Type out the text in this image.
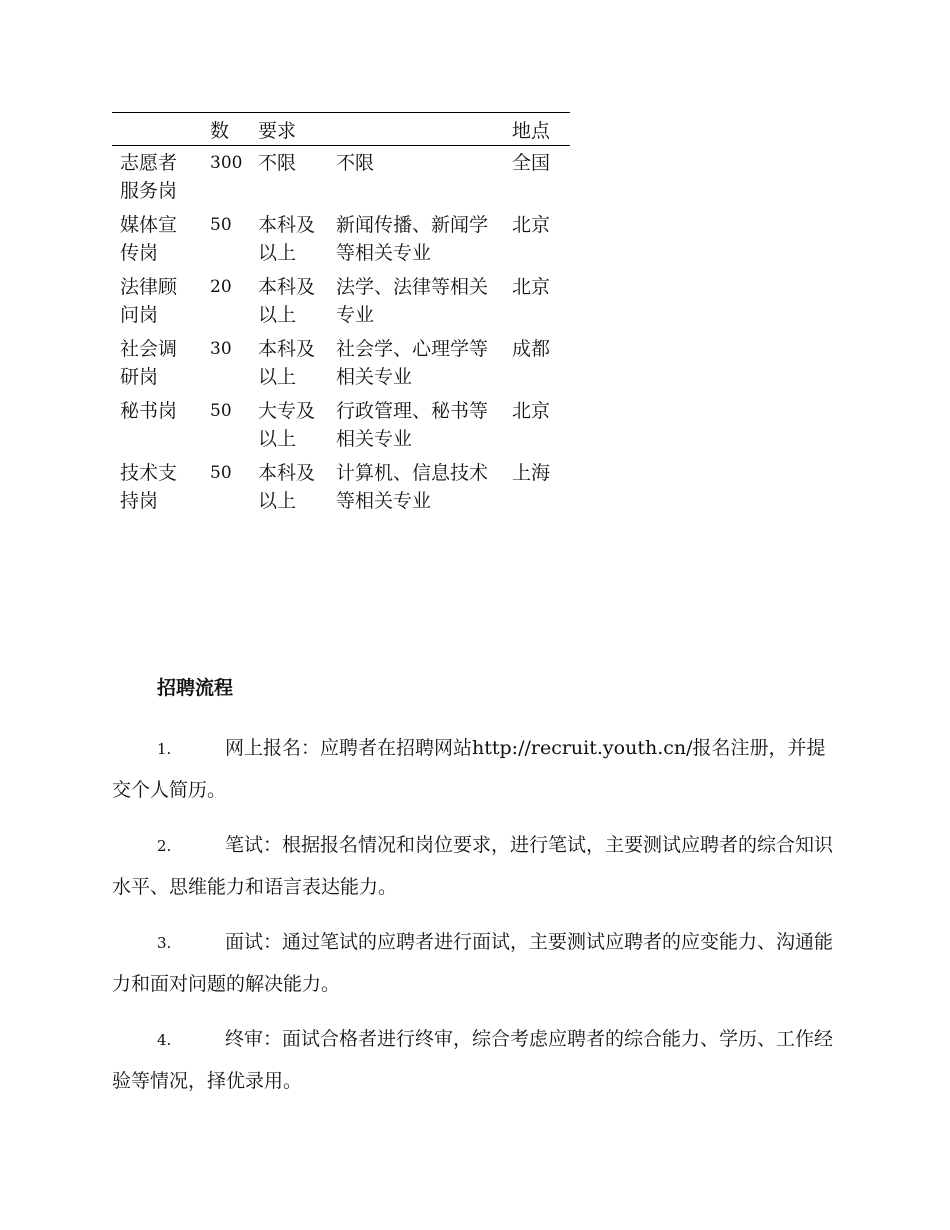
	数	要求		地点
志愿者服务岗	300	不限	不限	全国
媒体宣传岗	50	本科及以上	新闻传播、新闻学等相关专业	北京
法律顾问岗	20	本科及以上	法学、法律等相关专业	北京
社会调研岗	30	本科及以上	社会学、心理学等相关专业	成都
秘书岗	50	大专及以上	行政管理、秘书等相关专业	北京
技术支持岗	50	本科及以上	计算机、信息技术等相关专业	上海
招聘流程

1.	网上报名：应聘者在招聘网站http://recruit.youth.cn/报名注册，并提交个人简历。

2.	笔试：根据报名情况和岗位要求，进行笔试，主要测试应聘者的综合知识水平、思维能力和语言表达能力。

3.	面试：通过笔试的应聘者进行面试，主要测试应聘者的应变能力、沟通能力和面对问题的解决能力。

4.	终审：面试合格者进行终审，综合考虑应聘者的综合能力、学历、工作经验等情况，择优录用。
